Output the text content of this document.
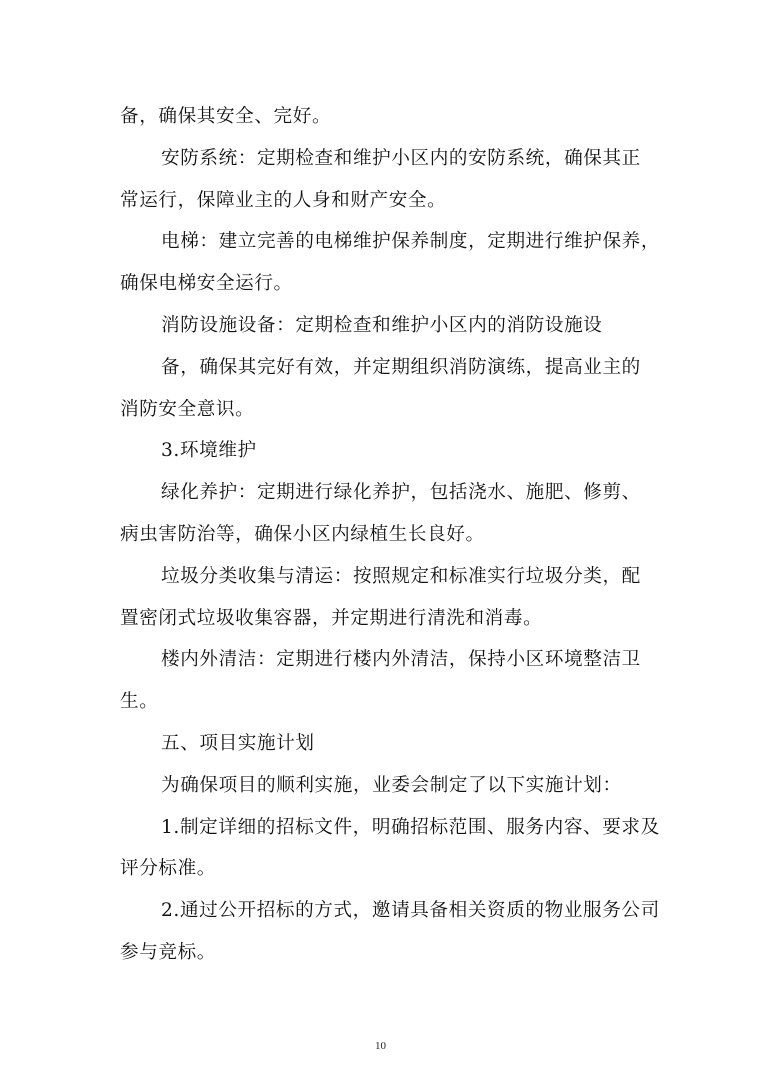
备，确保其安全、完好。
安防系统：定期检查和维护小区内的安防系统，确保其正
常运行，保障业主的人身和财产安全。
电梯：建立完善的电梯维护保养制度，定期进行维护保养，
确保电梯安全运行。
消防设施设备：定期检查和维护小区内的消防设施设
备，确保其完好有效，并定期组织消防演练，提高业主的
消防安全意识。
3.环境维护
绿化养护：定期进行绿化养护，包括浇水、施肥、修剪、
病虫害防治等，确保小区内绿植生长良好。
垃圾分类收集与清运：按照规定和标准实行垃圾分类，配
置密闭式垃圾收集容器，并定期进行清洗和消毒。
楼内外清洁：定期进行楼内外清洁，保持小区环境整洁卫
生。
五、项目实施计划
为确保项目的顺利实施，业委会制定了以下实施计划：
1.制定详细的招标文件，明确招标范围、服务内容、要求及
评分标准。
2.通过公开招标的方式，邀请具备相关资质的物业服务公司
参与竞标。
10
